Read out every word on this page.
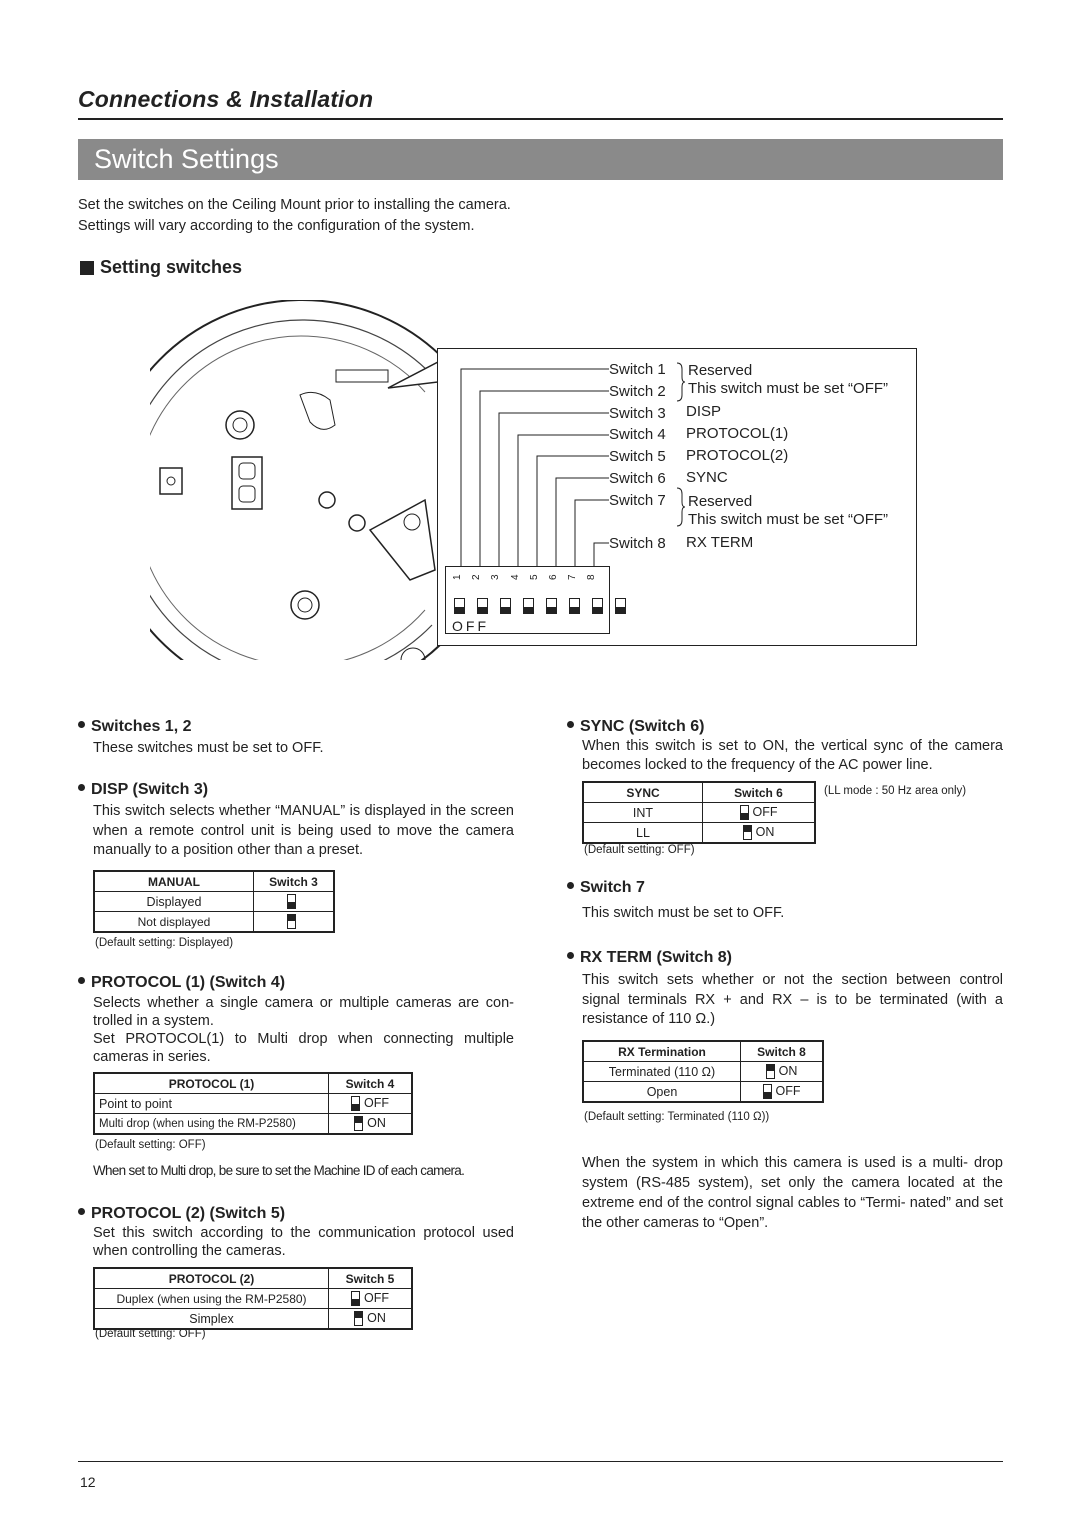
Connections & Installation
Switch Settings
Set the switches on the Ceiling Mount prior to installing the camera.
Settings will vary according to the configuration of the system.
Setting switches
Switch 1
Switch 2
Switch 3
Switch 4
Switch 5
Switch 6
Switch 7
Switch 8
Reserved
This switch must be set “OFF”
DISP
PROTOCOL(1)
PROTOCOL(2)
SYNC
Reserved
This switch must be set “OFF”
RX TERM
1 2 3 4 5 6 7 8
OFF
Switches 1, 2
These switches must be set to OFF.
DISP (Switch 3)
This switch selects whether “MANUAL” is displayed in the screen when a remote control unit is being used to move the camera manually to a position other than a preset.
MANUAL	Switch 3
Displayed	
Not displayed	
(Default setting: Displayed)
PROTOCOL (1) (Switch 4)
Selects whether a single camera or multiple cameras are con- trolled in a system.
Set PROTOCOL(1) to Multi drop when connecting multiple cameras in series.
PROTOCOL (1)	Switch 4
Point to point	OFF
Multi drop (when using the RM-P2580)	ON
(Default setting: OFF)
When set to Multi drop, be sure to set the Machine ID of each camera.
PROTOCOL (2) (Switch 5)
Set this switch according to the communication protocol used when controlling the cameras.
PROTOCOL (2)	Switch 5
Duplex (when using the RM-P2580)	OFF
Simplex	ON
(Default setting: OFF)
SYNC (Switch 6)
When this switch is set to ON, the vertical sync of the camera becomes locked to the frequency of the AC power line.
SYNC	Switch 6
INT	OFF
LL	ON
(LL mode : 50 Hz area only)
(Default setting: OFF)
Switch 7
This switch must be set to OFF.
RX TERM (Switch 8)
This switch sets whether or not the section between control signal terminals RX + and RX – is to be terminated (with a resistance of 110 Ω.)
RX Termination	Switch 8
Terminated (110 Ω)	ON
Open	OFF
(Default setting: Terminated (110 Ω))
When the system in which this camera is used is a multi- drop system (RS-485 system), set only the camera located at the extreme end of the control signal cables to “Termi- nated” and set the other cameras to “Open”.
12
